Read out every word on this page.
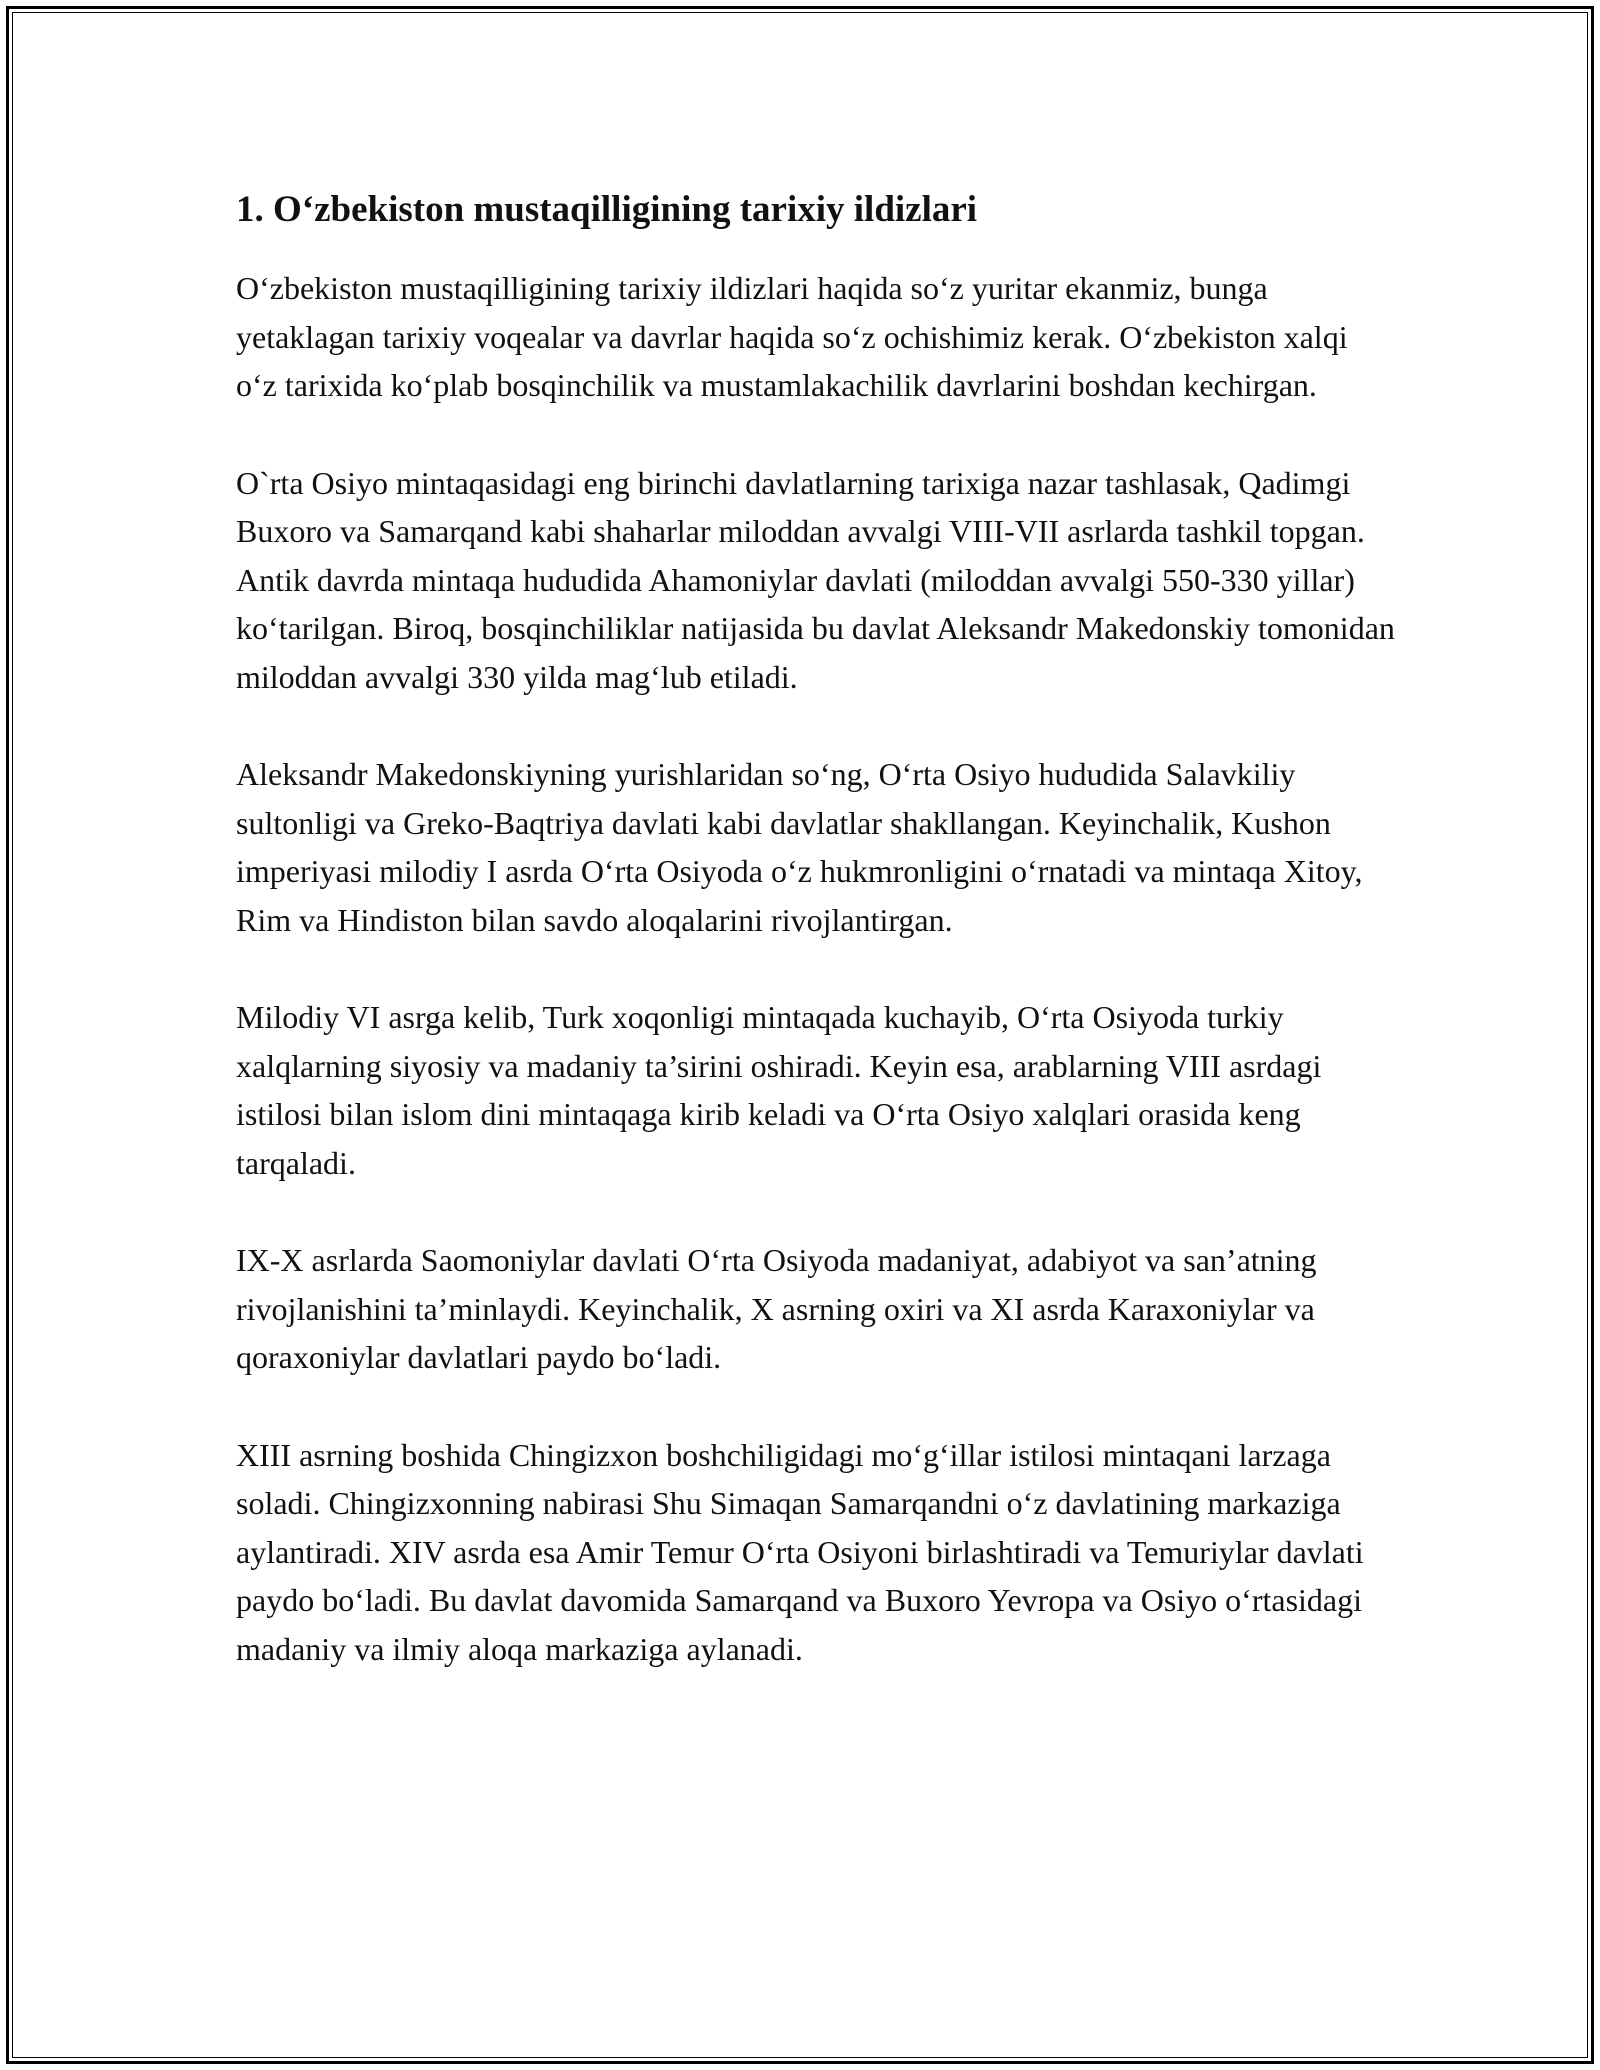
1. O‘zbekiston mustaqilligining tarixiy ildizlari

O‘zbekiston mustaqilligining tarixiy ildizlari haqida so‘z yuritar ekanmiz, bunga yetaklagan tarixiy voqealar va davrlar haqida so‘z ochishimiz kerak. O‘zbekiston xalqi o‘z tarixida ko‘plab bosqinchilik va mustamlakachilik davrlarini boshdan kechirgan.

O`rta Osiyo mintaqasidagi eng birinchi davlatlarning tarixiga nazar tashlasak, Qadimgi Buxoro va Samarqand kabi shaharlar miloddan avvalgi VIII-VII asrlarda tashkil topgan. Antik davrda mintaqa hududida Ahamoniylar davlati (miloddan avvalgi 550-330 yillar) ko‘tarilgan. Biroq, bosqinchiliklar natijasida bu davlat Aleksandr Makedonskiy tomonidan miloddan avvalgi 330 yilda mag‘lub etiladi.

Aleksandr Makedonskiyning yurishlaridan so‘ng, O‘rta Osiyo hududida Salavkiliy sultonligi va Greko-Baqtriya davlati kabi davlatlar shakllangan. Keyinchalik, Kushon imperiyasi milodiy I asrda O‘rta Osiyoda o‘z hukmronligini o‘rnatadi va mintaqa Xitoy, Rim va Hindiston bilan savdo aloqalarini rivojlantirgan.

Milodiy VI asrga kelib, Turk xoqonligi mintaqada kuchayib, O‘rta Osiyoda turkiy xalqlarning siyosiy va madaniy ta’sirini oshiradi. Keyin esa, arablarning VIII asrdagi istilosi bilan islom dini mintaqaga kirib keladi va O‘rta Osiyo xalqlari orasida keng tarqaladi.

IX-X asrlarda Saomoniylar davlati O‘rta Osiyoda madaniyat, adabiyot va san’atning rivojlanishini ta’minlaydi. Keyinchalik, X asrning oxiri va XI asrda Karaxoniylar va qoraxoniylar davlatlari paydo bo‘ladi.

XIII asrning boshida Chingizxon boshchiligidagi mo‘g‘illar istilosi mintaqani larzaga soladi. Chingizxonning nabirasi Shu Simaqan Samarqandni o‘z davlatining markaziga aylantiradi. XIV asrda esa Amir Temur O‘rta Osiyoni birlashtiradi va Temuriylar davlati paydo bo‘ladi. Bu davlat davomida Samarqand va Buxoro Yevropa va Osiyo o‘rtasidagi madaniy va ilmiy aloqa markaziga aylanadi.
